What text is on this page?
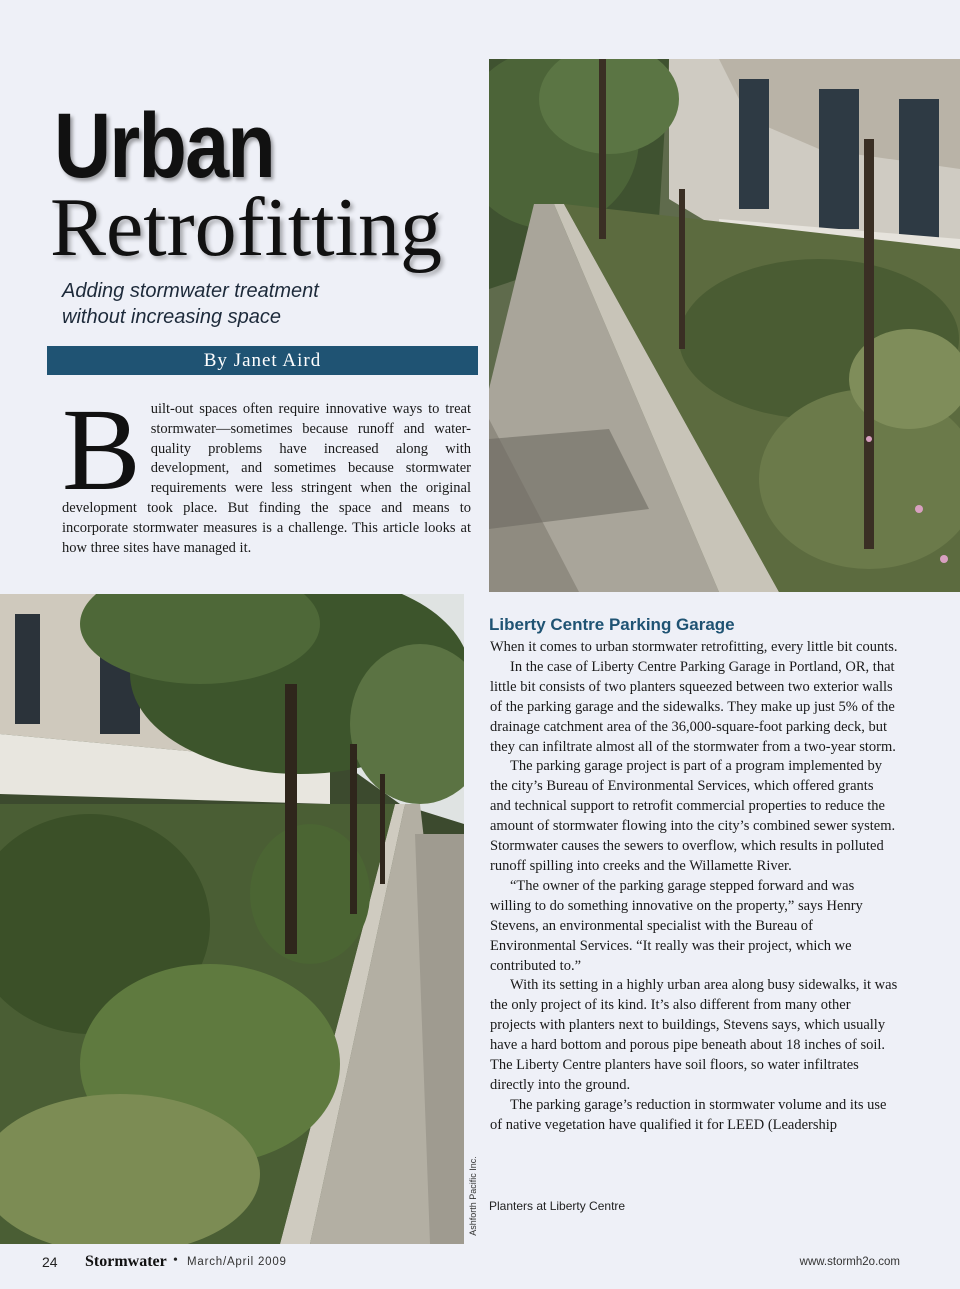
Urban
Retrofitting
Adding stormwater treatment
without increasing space
By Janet Aird

Built-out spaces often require innovative ways to treat stormwater—sometimes because runoff and water-quality problems have increased along with development, and sometimes because stormwater requirements were less stringent when the original development took place. But finding the space and means to incorporate stormwater measures is a challenge. This article looks at how three sites have managed it.

Ashforth Pacific Inc.
Liberty Centre Parking Garage

When it comes to urban stormwater retrofitting, every little bit counts.

In the case of Liberty Centre Parking Garage in Portland, OR, that little bit consists of two planters squeezed between two exterior walls of the parking garage and the sidewalks. They make up just 5% of the drainage catchment area of the 36,000-square-foot parking deck, but they can infiltrate almost all of the stormwater from a two-year storm.

The parking garage project is part of a program implemented by the city’s Bureau of Environmental Services, which offered grants and technical support to retrofit commercial properties to reduce the amount of stormwater flowing into the city’s combined sewer system. Stormwater causes the sewers to overflow, which results in polluted runoff spilling into creeks and the Willamette River.

“The owner of the parking garage stepped forward and was willing to do something innovative on the property,” says Henry Stevens, an environmental specialist with the Bureau of Environmental Services. “It really was their project, which we contributed to.”

With its setting in a highly urban area along busy sidewalks, it was the only project of its kind. It’s also different from many other projects with planters next to buildings, Stevens says, which usually have a hard bottom and porous pipe beneath about 18 inches of soil. The Liberty Centre planters have soil floors, so water infiltrates directly into the ground.

The parking garage’s reduction in stormwater volume and its use of native vegetation have qualified it for LEED (Leadership

Planters at Liberty Centre
24 Stormwater • March/April 2009	www.stormh2o.com
